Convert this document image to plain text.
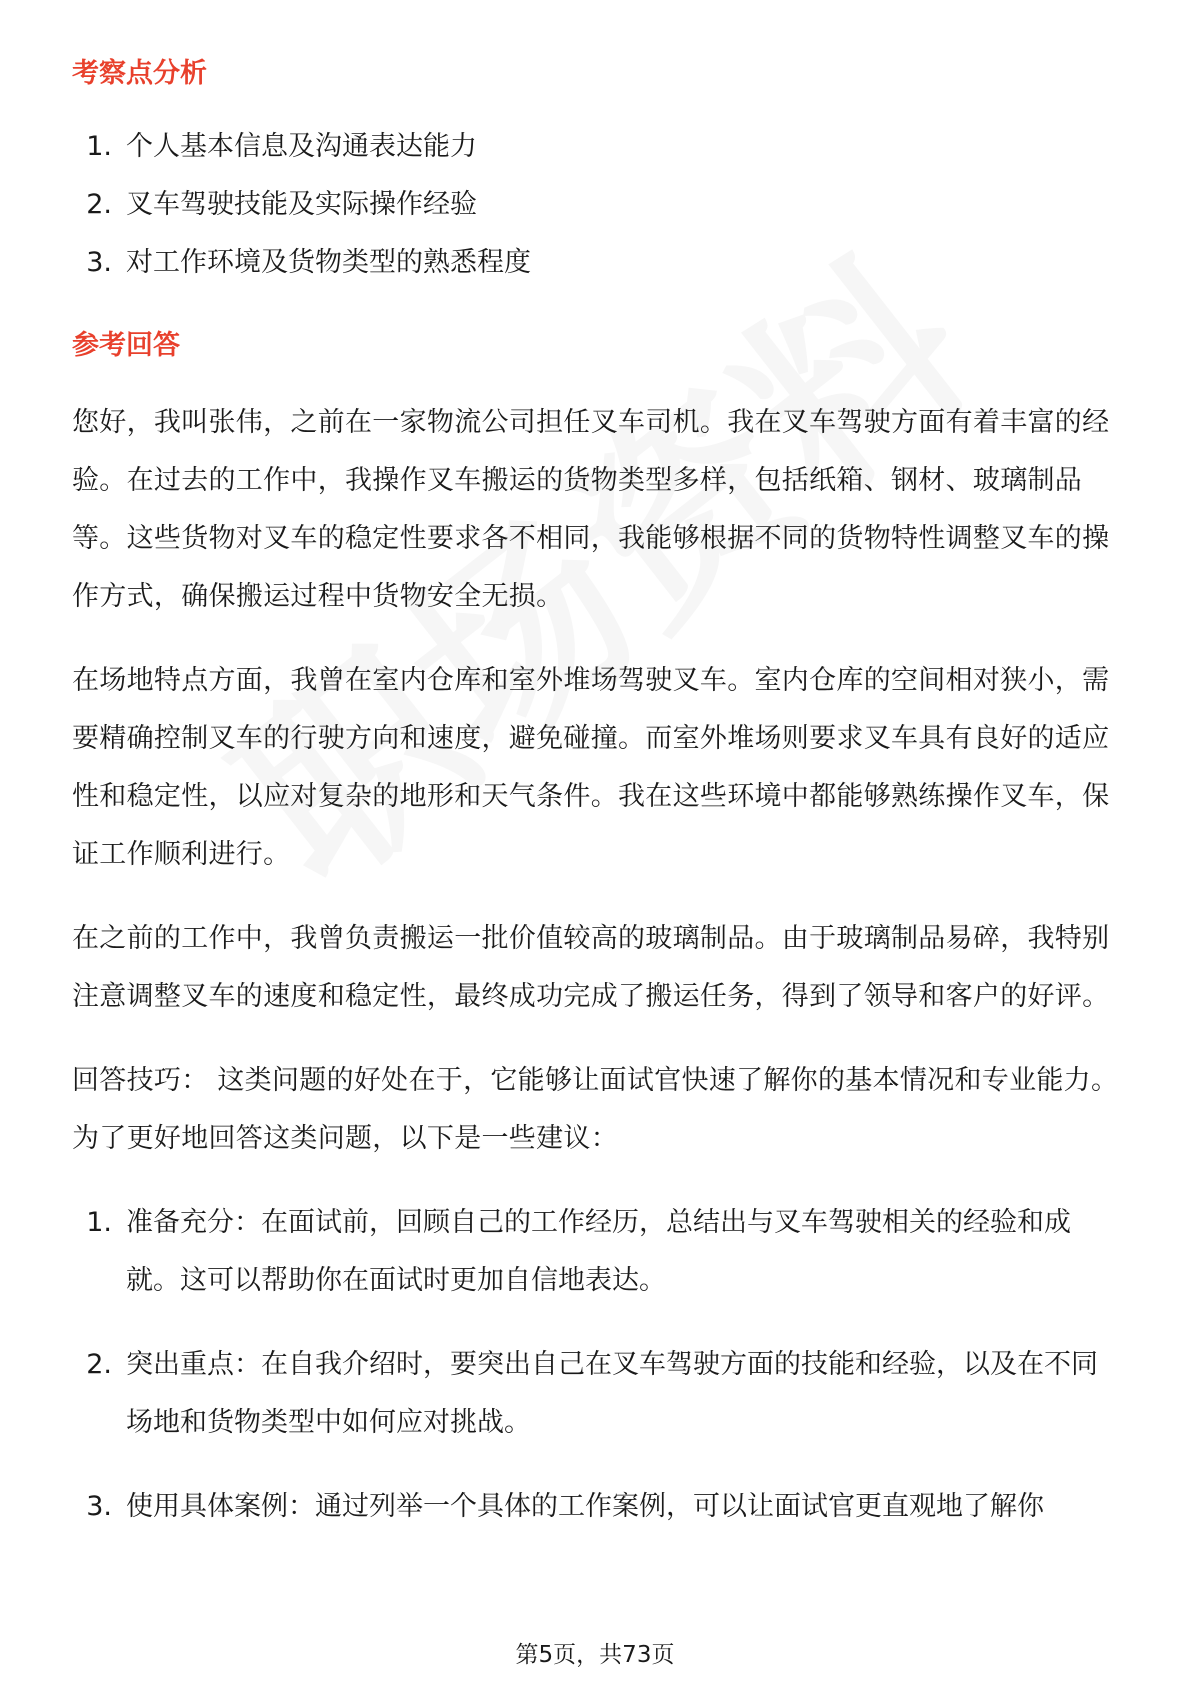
考察点分析
1. 个人基本信息及沟通表达能力
2. 叉车驾驶技能及实际操作经验
3. 对工作环境及货物类型的熟悉程度
参考回答

您好，我叫张伟，之前在一家物流公司担任叉车司机。我在叉车驾驶方面有着丰富的经验。在过去的工作中，我操作叉车搬运的货物类型多样，包括纸箱、钢材、玻璃制品等。这些货物对叉车的稳定性要求各不相同，我能够根据不同的货物特性调整叉车的操作方式，确保搬运过程中货物安全无损。

在场地特点方面，我曾在室内仓库和室外堆场驾驶叉车。室内仓库的空间相对狭小，需要精确控制叉车的行驶方向和速度，避免碰撞。而室外堆场则要求叉车具有良好的适应性和稳定性，以应对复杂的地形和天气条件。我在这些环境中都能够熟练操作叉车，保证工作顺利进行。

在之前的工作中，我曾负责搬运一批价值较高的玻璃制品。由于玻璃制品易碎，我特别注意调整叉车的速度和稳定性，最终成功完成了搬运任务，得到了领导和客户的好评。

回答技巧： 这类问题的好处在于，它能够让面试官快速了解你的基本情况和专业能力。为了更好地回答这类问题，以下是一些建议：

1. 准备充分：在面试前，回顾自己的工作经历，总结出与叉车驾驶相关的经验和成就。这可以帮助你在面试时更加自信地表达。
2. 突出重点：在自我介绍时，要突出自己在叉车驾驶方面的技能和经验，以及在不同场地和货物类型中如何应对挑战。
3. 使用具体案例：通过列举一个具体的工作案例，可以让面试官更直观地了解你
第5页，共73页
